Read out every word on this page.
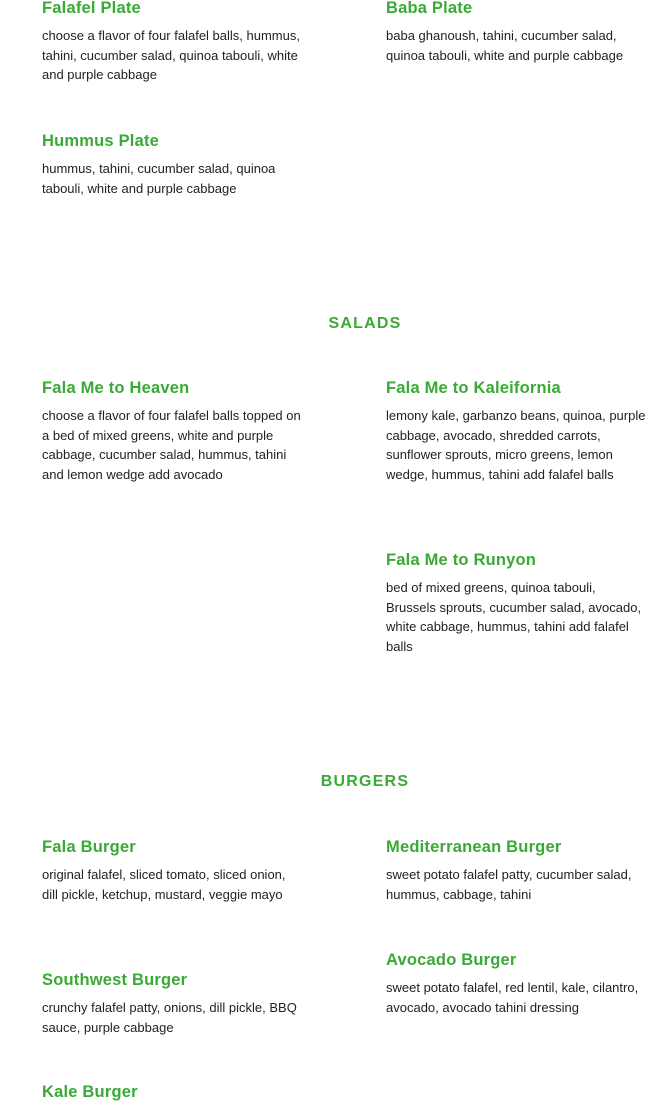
Falafel Plate

choose a flavor of four falafel balls, hummus, tahini, cucumber salad, quinoa tabouli, white and purple cabbage

Baba Plate

baba ghanoush, tahini, cucumber salad, quinoa tabouli, white and purple cabbage

Hummus Plate

hummus, tahini, cucumber salad, quinoa tabouli, white and purple cabbage

SALADS
Fala Me to Heaven

choose a flavor of four falafel balls topped on a bed of mixed greens, white and purple cabbage, cucumber salad, hummus, tahini and lemon wedge add avocado

Fala Me to Kaleifornia

lemony kale, garbanzo beans, quinoa, purple cabbage, avocado, shredded carrots, sunflower sprouts, micro greens, lemon wedge, hummus, tahini add falafel balls

Fala Me to Runyon

bed of mixed greens, quinoa tabouli, Brussels sprouts, cucumber salad, avocado, white cabbage, hummus, tahini add falafel balls

BURGERS
Fala Burger

original falafel, sliced tomato, sliced onion, dill pickle, ketchup, mustard, veggie mayo

Mediterranean Burger

sweet potato falafel patty, cucumber salad, hummus, cabbage, tahini

Southwest Burger

crunchy falafel patty, onions, dill pickle, BBQ sauce, purple cabbage

Avocado Burger

sweet potato falafel, red lentil, kale, cilantro, avocado, avocado tahini dressing

Kale Burger
